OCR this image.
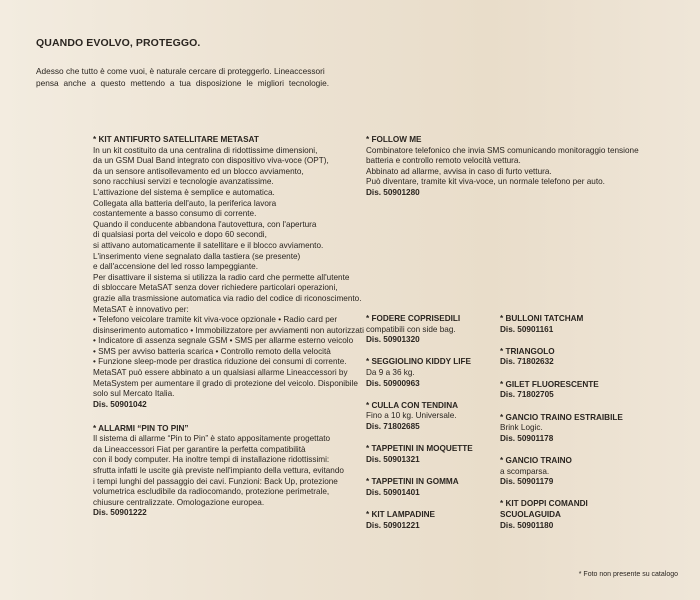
QUANDO EVOLVO, PROTEGGO.
Adesso che tutto è come vuoi, è naturale cercare di proteggerlo. Lineaccessori
pensa anche a questo mettendo a tua disposizione le migliori tecnologie.
* KIT ANTIFURTO SATELLITARE METASAT
In un kit costituito da una centralina di ridottissime dimensioni,
da un GSM Dual Band integrato con dispositivo viva-voce (OPT),
da un sensore antisollevamento ed un blocco avviamento,
sono racchiusi servizi e tecnologie avanzatissime.
L'attivazione del sistema è semplice e automatica.
Collegata alla batteria dell'auto, la periferica lavora
costantemente a basso consumo di corrente.
Quando il conducente abbandona l'autovettura, con l'apertura
di qualsiasi porta del veicolo e dopo 60 secondi,
si attivano automaticamente il satellitare e il blocco avviamento.
L'inserimento viene segnalato dalla tastiera (se presente)
e dall'accensione del led rosso lampeggiante.
Per disattivare il sistema si utilizza la radio card che permette all'utente
di sbloccare MetaSAT senza dover richiedere particolari operazioni,
grazie alla trasmissione automatica via radio del codice di riconoscimento.
MetaSAT è innovativo per:
• Telefono veicolare tramite kit viva-voce opzionale • Radio card per
disinserimento automatico • Immobilizzatore per avviamenti non autorizzati
• Indicatore di assenza segnale GSM • SMS per allarme esterno veicolo
• SMS per avviso batteria scarica • Controllo remoto della velocità
• Funzione sleep-mode per drastica riduzione dei consumi di corrente.
MetaSAT può essere abbinato a un qualsiasi allarme Lineaccessori by
MetaSystem per aumentare il grado di protezione del veicolo. Disponibile
solo sul Mercato Italia.
Dis. 50901042
* ALLARMI “PIN TO PIN”
Il sistema di allarme “Pin to Pin” è stato appositamente progettato
da Lineaccessori Fiat per garantire la perfetta compatibilità
con il body computer. Ha inoltre tempi di installazione ridottissimi:
sfrutta infatti le uscite già previste nell'impianto della vettura, evitando
i tempi lunghi del passaggio dei cavi. Funzioni: Back Up, protezione
volumetrica escludibile da radiocomando, protezione perimetrale,
chiusure centralizzate. Omologazione europea.
Dis. 50901222
* FOLLOW ME
Combinatore telefonico che invia SMS comunicando monitoraggio tensione
batteria e controllo remoto velocità vettura.
Abbinato ad allarme, avvisa in caso di furto vettura.
Può diventare, tramite kit viva-voce, un normale telefono per auto.
Dis. 50901280
* FODERE COPRISEDILI
compatibili con side bag.
Dis. 50901320
* SEGGIOLINO KIDDY LIFE
Da 9 a 36 kg.
Dis. 50900963
* CULLA CON TENDINA
Fino a 10 kg. Universale.
Dis. 71802685
* TAPPETINI IN MOQUETTE
Dis. 50901321
* TAPPETINI IN GOMMA
Dis. 50901401
* KIT LAMPADINE
Dis. 50901221
* BULLONI TATCHAM
Dis. 50901161
* TRIANGOLO
Dis. 71802632
* GILET FLUORESCENTE
Dis. 71802705
* GANCIO TRAINO ESTRAIBILE
Brink Logic.
Dis. 50901178
* GANCIO TRAINO
a scomparsa.
Dis. 50901179
* KIT DOPPI COMANDI
SCUOLAGUIDA
Dis. 50901180
* Foto non presente su catalogo
